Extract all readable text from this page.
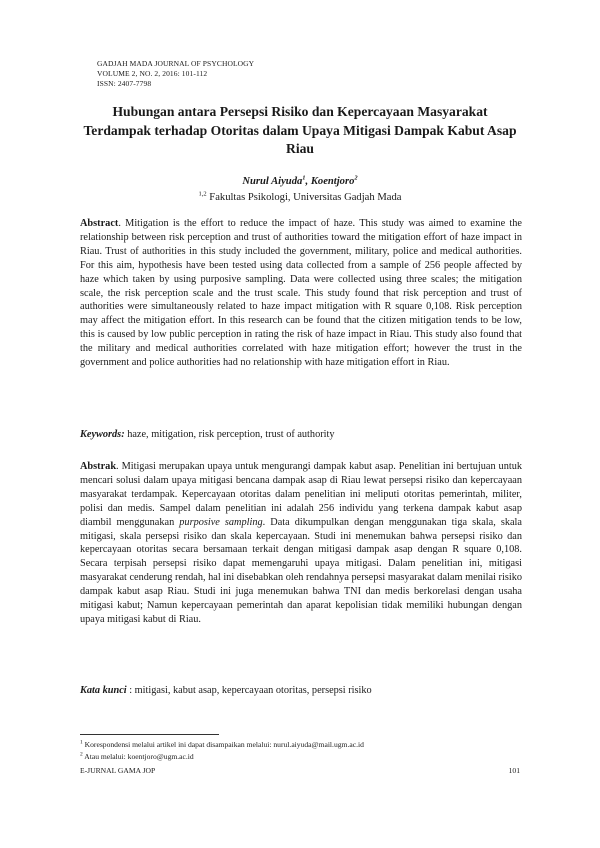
GADJAH MADA JOURNAL OF PSYCHOLOGY
VOLUME 2, NO. 2, 2016: 101-112
ISSN: 2407-7798
Hubungan antara Persepsi Risiko dan Kepercayaan Masyarakat Terdampak terhadap Otoritas dalam Upaya Mitigasi Dampak Kabut Asap Riau
Nurul Aiyuda$^1$, Koentjoro$^2$
$^{1,2}$ Fakultas Psikologi, Universitas Gadjah Mada
Abstract. Mitigation is the effort to reduce the impact of haze. This study was aimed to examine the relationship between risk perception and trust of authorities toward the mitigation effort of haze impact in Riau. Trust of authorities in this study included the government, military, police and medical authorities. For this aim, hypothesis have been tested using data collected from a sample of 256 people affected by haze which taken by using purposive sampling. Data were collected using three scales; the mitigation scale, the risk perception scale and the trust scale. This study found that risk perception and trust of authorities were simultaneously related to haze impact mitigation with R square 0,108. Risk perception may affect the mitigation effort. In this research can be found that the citizen mitigation tends to be low, this is caused by low public perception in rating the risk of haze impact in Riau. This study also found that the military and medical authorities correlated with haze mitigation effort; however the trust in the government and police authorities had no relationship with haze mitigation effort in Riau.
Keywords: haze, mitigation, risk perception, trust of authority
Abstrak. Mitigasi merupakan upaya untuk mengurangi dampak kabut asap. Penelitian ini bertujuan untuk mencari solusi dalam upaya mitigasi bencana dampak asap di Riau lewat persepsi risiko dan kepercayaan masyarakat terdampak. Kepercayaan otoritas dalam penelitian ini meliputi otoritas pemerintah, militer, polisi dan medis. Sampel dalam penelitian ini adalah 256 individu yang terkena dampak kabut asap diambil menggunakan purposive sampling. Data dikumpulkan dengan menggunakan tiga skala, skala mitigasi, skala persepsi risiko dan skala kepercayaan. Studi ini menemukan bahwa persepsi risiko dan kepercayaan otoritas secara bersamaan terkait dengan mitigasi dampak asap dengan R square 0,108. Secara terpisah persepsi risiko dapat memengaruhi upaya mitigasi. Dalam penelitian ini, mitigasi masyarakat cenderung rendah, hal ini disebabkan oleh rendahnya persepsi masyarakat dalam menilai risiko dampak kabut asap Riau. Studi ini juga menemukan bahwa TNI dan medis berkorelasi dengan usaha mitigasi kabut; Namun kepercayaan pemerintah dan aparat kepolisian tidak memiliki hubungan dengan upaya mitigasi kabut di Riau.
Kata kunci : mitigasi, kabut asap, kepercayaan otoritas, persepsi risiko
$^1$ Korespondensi melalui artikel ini dapat disampaikan melalui: nurul.aiyuda@mail.ugm.ac.id
$^2$ Atau melalui: koentjoro@ugm.ac.id
E-JURNAL GAMA JOP	101
